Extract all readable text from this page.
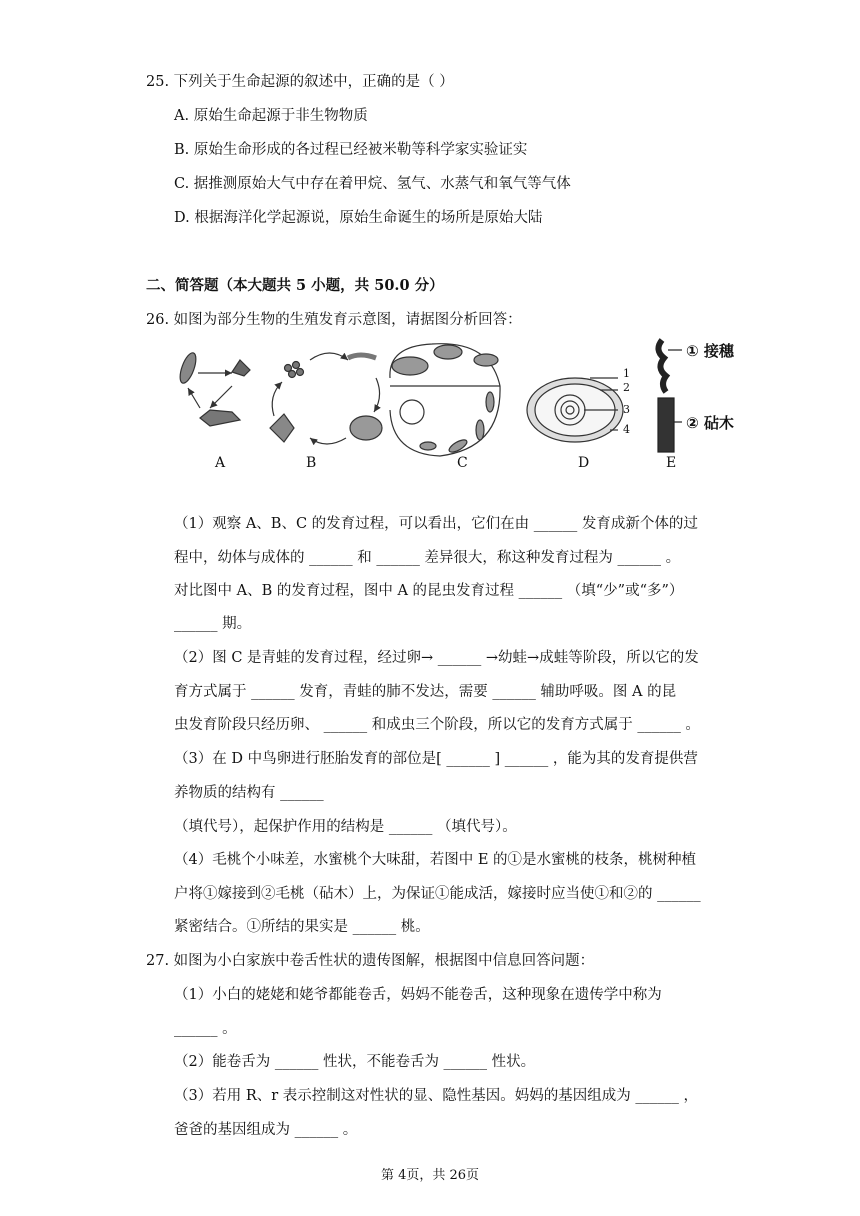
25. 下列关于生命起源的叙述中，正确的是（ ）
A. 原始生命起源于非生物物质
B. 原始生命形成的各过程已经被米勒等科学家实验证实
C. 据推测原始大气中存在着甲烷、氢气、水蒸气和氧气等气体
D. 根据海洋化学起源说，原始生命诞生的场所是原始大陆
二、简答题（本大题共 5 小题，共 50.0 分）
26. 如图为部分生物的生殖发育示意图，请据图分析回答：
1
2
3
4
① 接穗
② 砧木
A	B	C	D	E
（1）观察 A、B、C 的发育过程，可以看出，它们在由 ______ 发育成新个体的过
程中，幼体与成体的 ______ 和 ______ 差异很大，称这种发育过程为 ______ 。
对比图中 A、B 的发育过程，图中 A 的昆虫发育过程 ______ （填“少”或“多”）
______ 期。
（2）图 C 是青蛙的发育过程，经过卵→ ______ →幼蛙→成蛙等阶段，所以它的发
育方式属于 ______ 发育，青蛙的肺不发达，需要 ______ 辅助呼吸。图 A 的昆
虫发育阶段只经历卵、 ______ 和成虫三个阶段，所以它的发育方式属于 ______ 。
（3）在 D 中鸟卵进行胚胎发育的部位是[ ______ ] ______ ，能为其的发育提供营
养物质的结构有 ______
（填代号），起保护作用的结构是 ______ （填代号）。
（4）毛桃个小味差，水蜜桃个大味甜，若图中 E 的①是水蜜桃的枝条，桃树种植
户将①嫁接到②毛桃（砧木）上，为保证①能成活，嫁接时应当使①和②的 ______
紧密结合。①所结的果实是 ______ 桃。
27. 如图为小白家族中卷舌性状的遗传图解，根据图中信息回答问题：
（1）小白的姥姥和姥爷都能卷舌，妈妈不能卷舌，这种现象在遗传学中称为
______ 。
（2）能卷舌为 ______ 性状，不能卷舌为 ______ 性状。
（3）若用 R、r 表示控制这对性状的显、隐性基因。妈妈的基因组成为 ______ ，
爸爸的基因组成为 ______ 。
第 4页，共 26页
